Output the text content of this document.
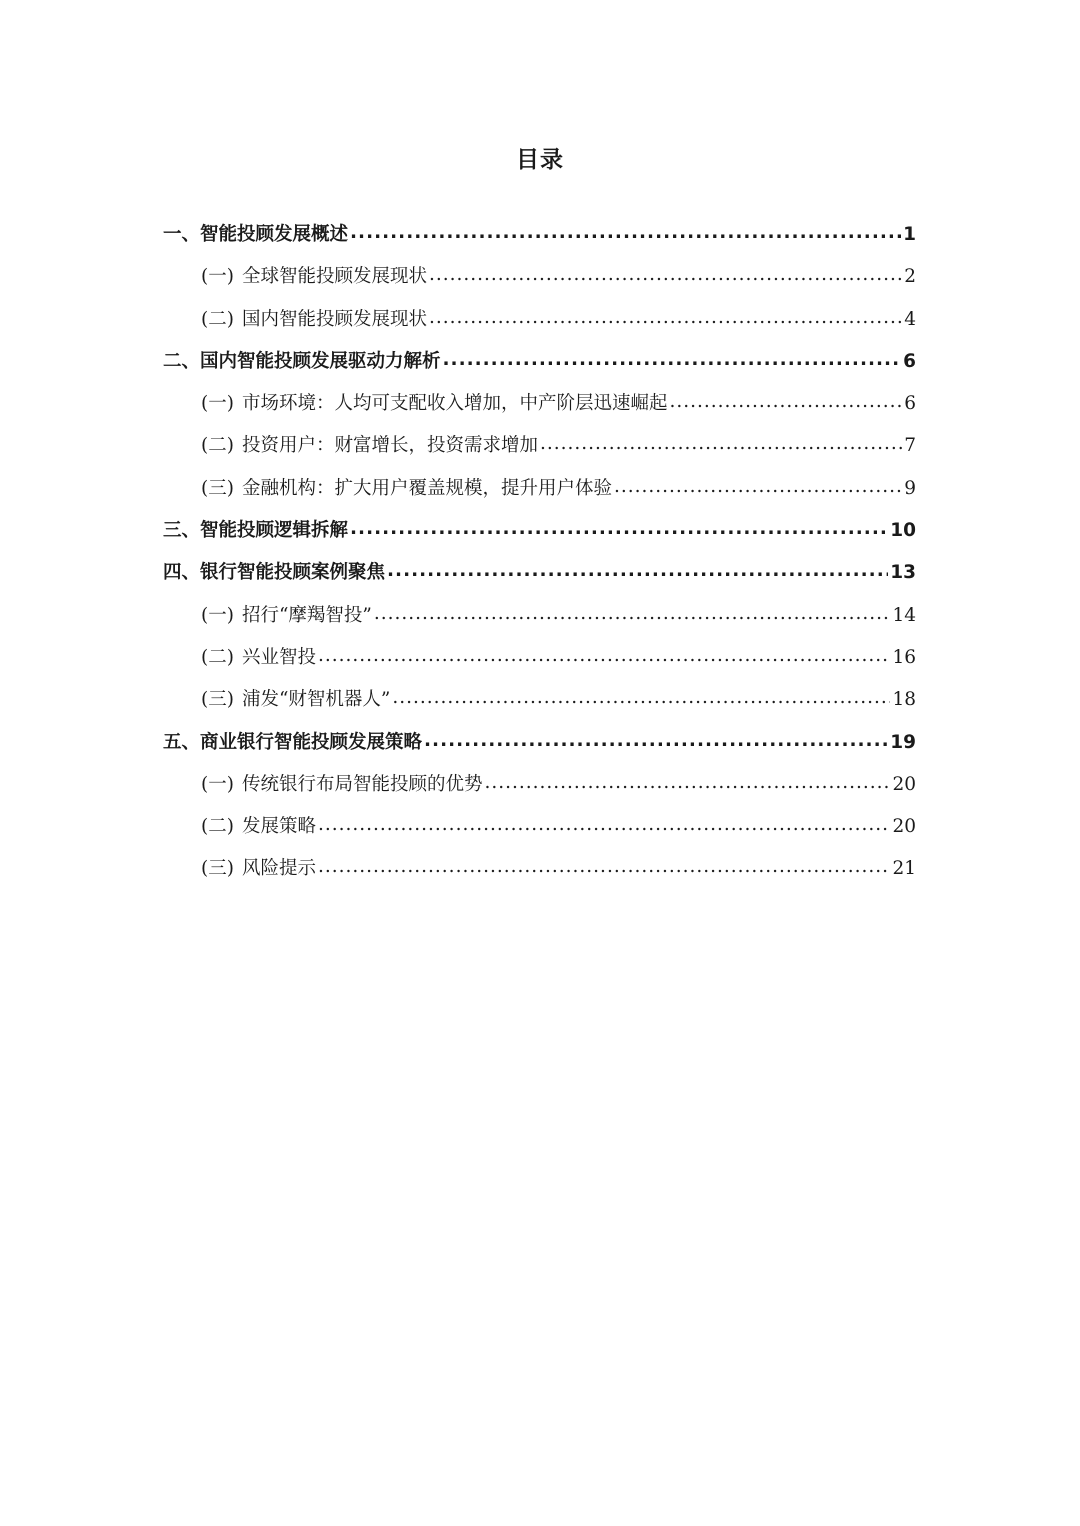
目录
一、智能投顾发展概述 .....	1
(一) 全球智能投顾发展现状 .....	2
(二) 国内智能投顾发展现状 .....	4
二、国内智能投顾发展驱动力解析 .....	6
(一) 市场环境：人均可支配收入增加，中产阶层迅速崛起 .....	6
(二) 投资用户：财富增长，投资需求增加 .....	7
(三) 金融机构：扩大用户覆盖规模，提升用户体验 .....	9
三、智能投顾逻辑拆解 .....	10
四、银行智能投顾案例聚焦 .....	13
(一) 招行“摩羯智投” .....	14
(二) 兴业智投 .....	16
(三) 浦发“财智机器人” .....	18
五、商业银行智能投顾发展策略 .....	19
(一) 传统银行布局智能投顾的优势 .....	20
(二) 发展策略 .....	20
(三) 风险提示 .....	21
